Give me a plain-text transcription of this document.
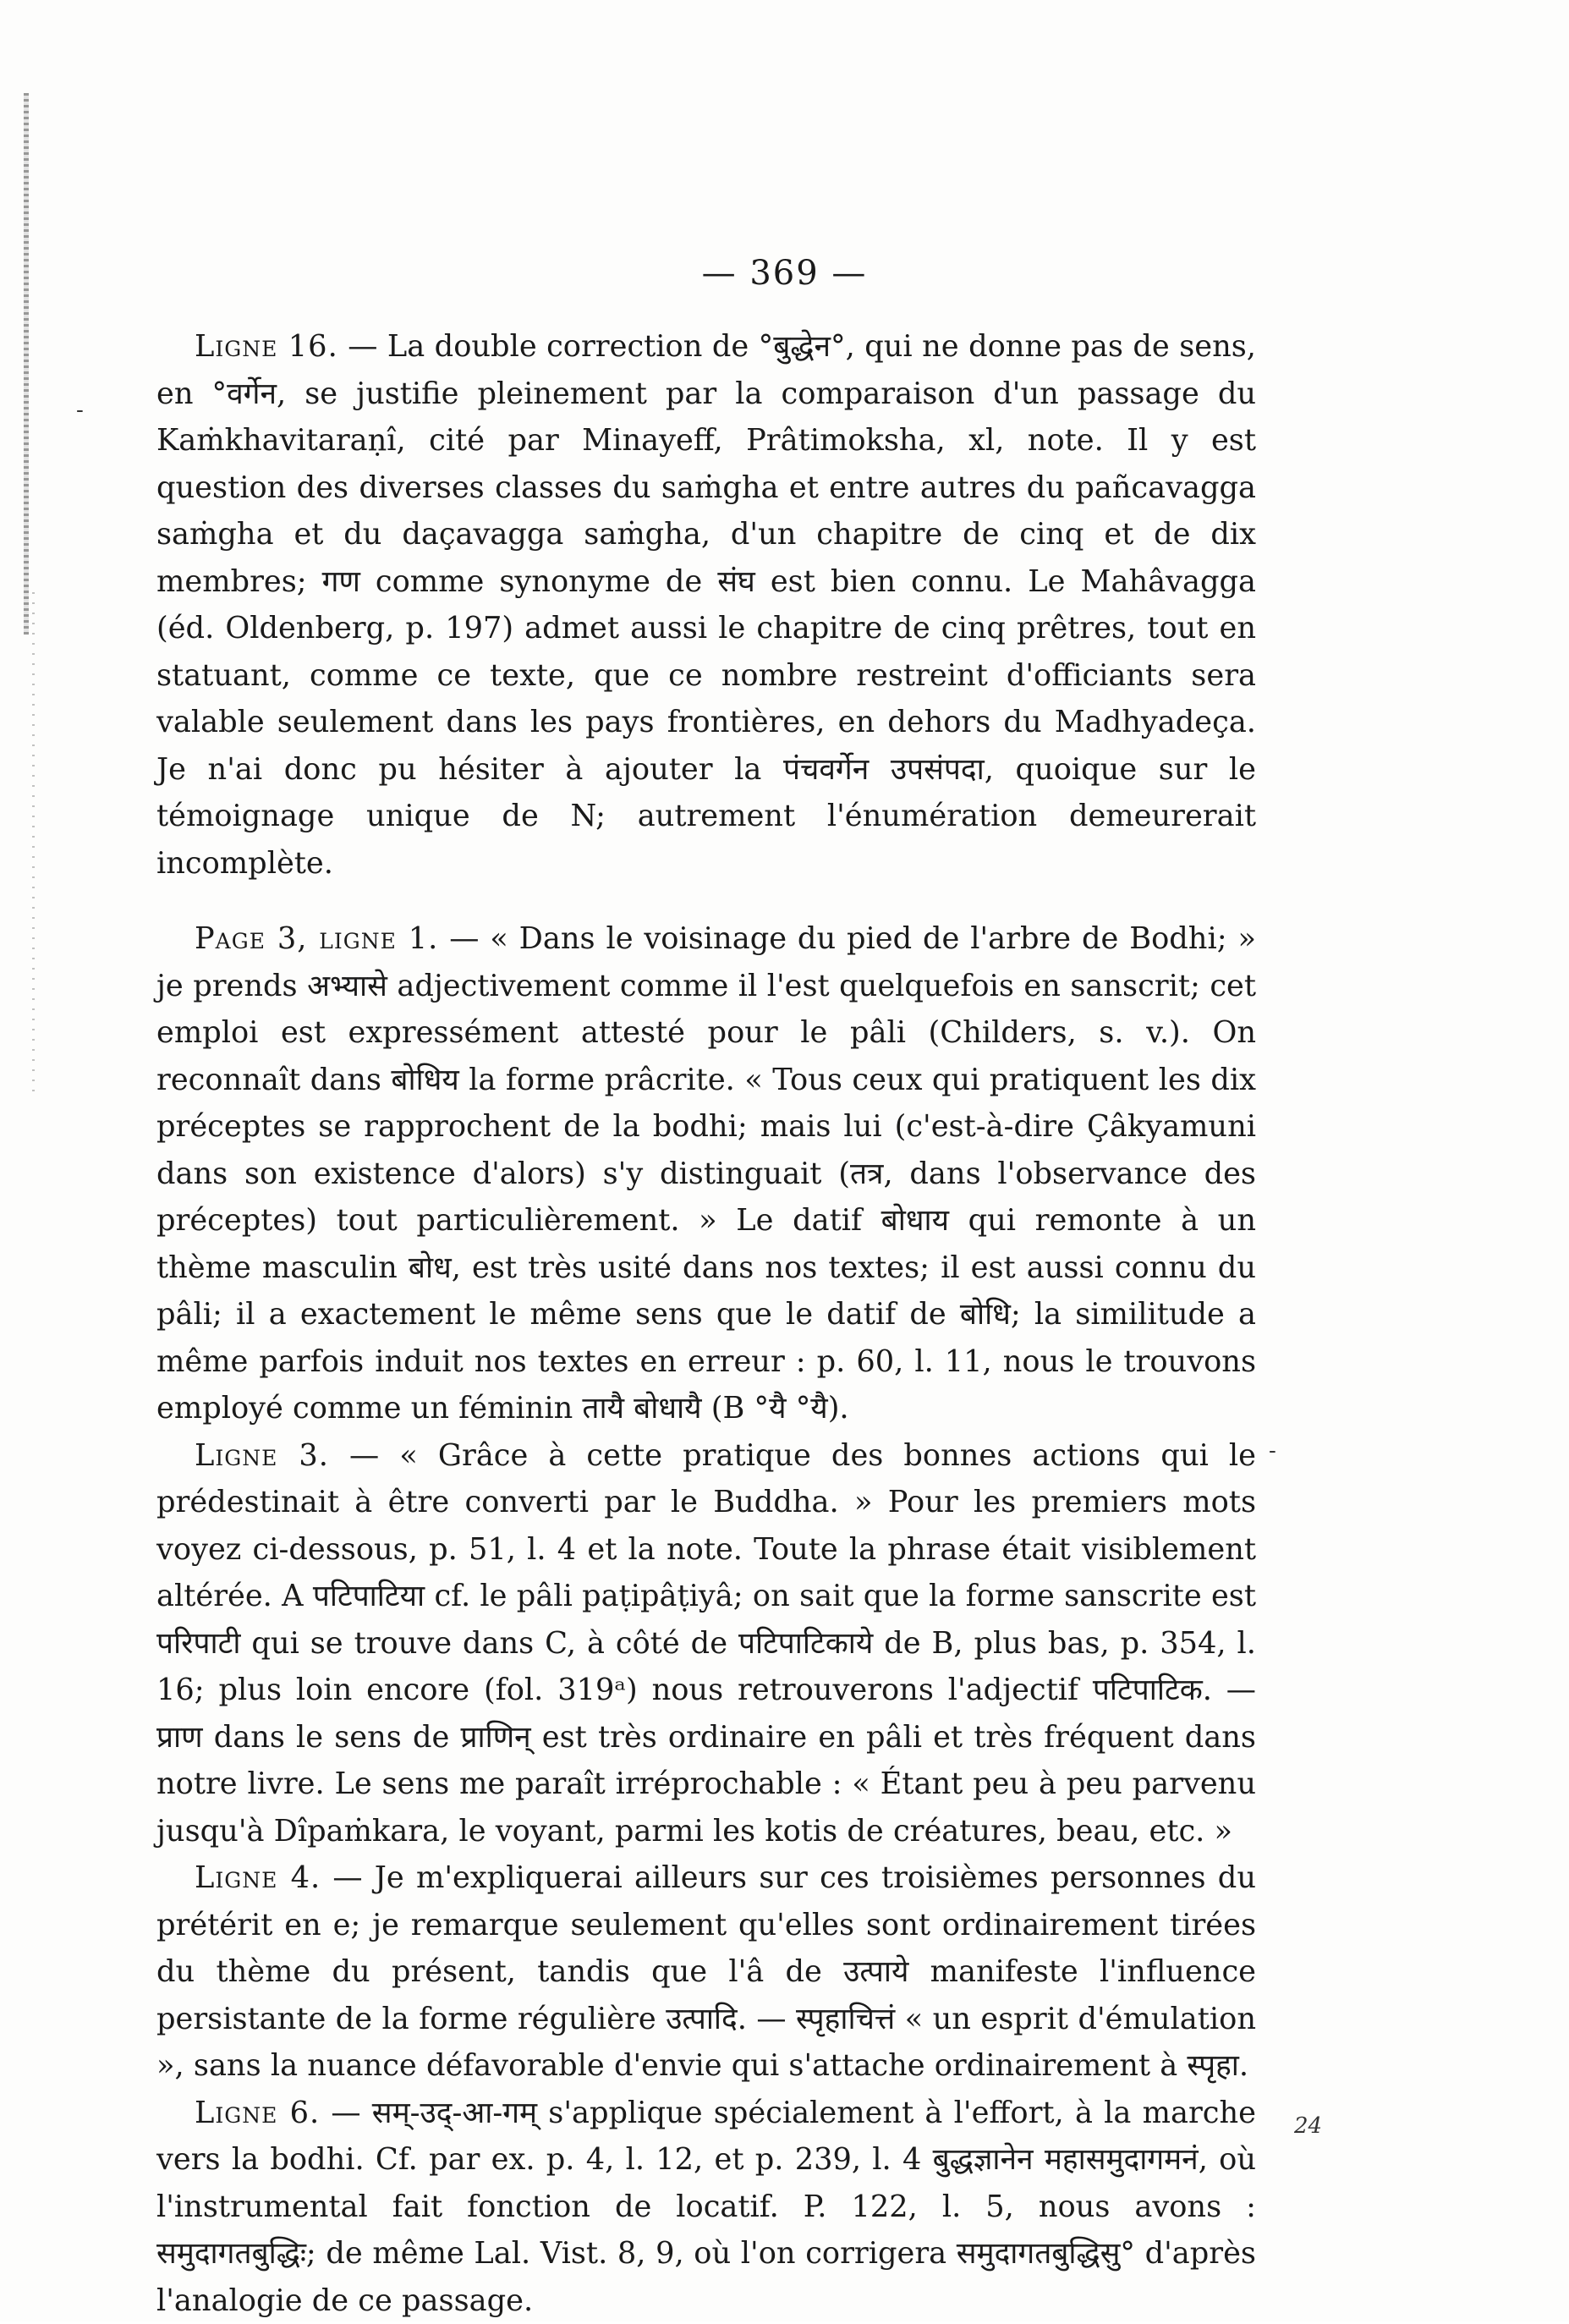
— 369 —

Ligne 16. — La double correction de °बुद्धेन°, qui ne donne pas de sens, en °वर्गेन, se justifie pleinement par la comparaison d'un passage du Kaṁkhavitaraṇî, cité par Minayeff, Prâtimoksha, xl, note. Il y est question des diverses classes du saṁgha et entre autres du pañcavagga saṁgha et du daçavagga saṁgha, d'un chapitre de cinq et de dix membres; गण comme synonyme de संघ est bien connu. Le Mahâvagga (éd. Oldenberg, p. 197) admet aussi le chapitre de cinq prêtres, tout en statuant, comme ce texte, que ce nombre restreint d'officiants sera valable seulement dans les pays frontières, en dehors du Madhyadeça. Je n'ai donc pu hésiter à ajouter la पंचवर्गेन उपसंपदा, quoique sur le témoignage unique de N; autrement l'énumération demeurerait incomplète.

Page 3, ligne 1. — « Dans le voisinage du pied de l'arbre de Bodhi; » je prends अभ्यासे adjectivement comme il l'est quelquefois en sanscrit; cet emploi est expressément attesté pour le pâli (Childers, s. v.). On reconnaît dans बोधिय la forme prâcrite. « Tous ceux qui pratiquent les dix préceptes se rapprochent de la bodhi; mais lui (c'est-à-dire Çâkyamuni dans son existence d'alors) s'y distinguait (तत्र, dans l'observance des préceptes) tout particulièrement. » Le datif बोधाय qui remonte à un thème masculin बोध, est très usité dans nos textes; il est aussi connu du pâli; il a exactement le même sens que le datif de बोधि; la similitude a même parfois induit nos textes en erreur : p. 60, l. 11, nous le trouvons employé comme un féminin तायै बोधायै (B °यै °यै).

Ligne 3. — « Grâce à cette pratique des bonnes actions qui le prédestinait à être converti par le Buddha. » Pour les premiers mots voyez ci-dessous, p. 51, l. 4 et la note. Toute la phrase était visiblement altérée. A पटिपाटिया cf. le pâli paṭipâṭiyâ; on sait que la forme sanscrite est परिपाटी qui se trouve dans C, à côté de पटिपाटिकाये de B, plus bas, p. 354, l. 16; plus loin encore (fol. 319ᵃ) nous retrouverons l'adjectif पटिपाटिक. — प्राण dans le sens de प्राणिन् est très ordinaire en pâli et très fréquent dans notre livre. Le sens me paraît irréprochable : « Étant peu à peu parvenu jusqu'à Dîpaṁkara, le voyant, parmi les kotis de créatures, beau, etc. »

Ligne 4. — Je m'expliquerai ailleurs sur ces troisièmes personnes du prétérit en e; je remarque seulement qu'elles sont ordinairement tirées du thème du présent, tandis que l'â de उत्पाये manifeste l'influence persistante de la forme régulière उत्पादि. — स्पृहाचित्तं « un esprit d'émulation », sans la nuance défavorable d'envie qui s'attache ordinairement à स्पृहा.

Ligne 6. — सम्-उद्-आ-गम् s'applique spécialement à l'effort, à la marche vers la bodhi. Cf. par ex. p. 4, l. 12, et p. 239, l. 4 बुद्धज्ञानेन महासमुदागमनं, où l'instrumental fait fonction de locatif. P. 122, l. 5, nous avons : समुदागतबुद्धिः; de même Lal. Vist. 8, 9, où l'on corrigera समुदागतबुद्धिसु° d'après l'analogie de ce passage.

-
-
24
